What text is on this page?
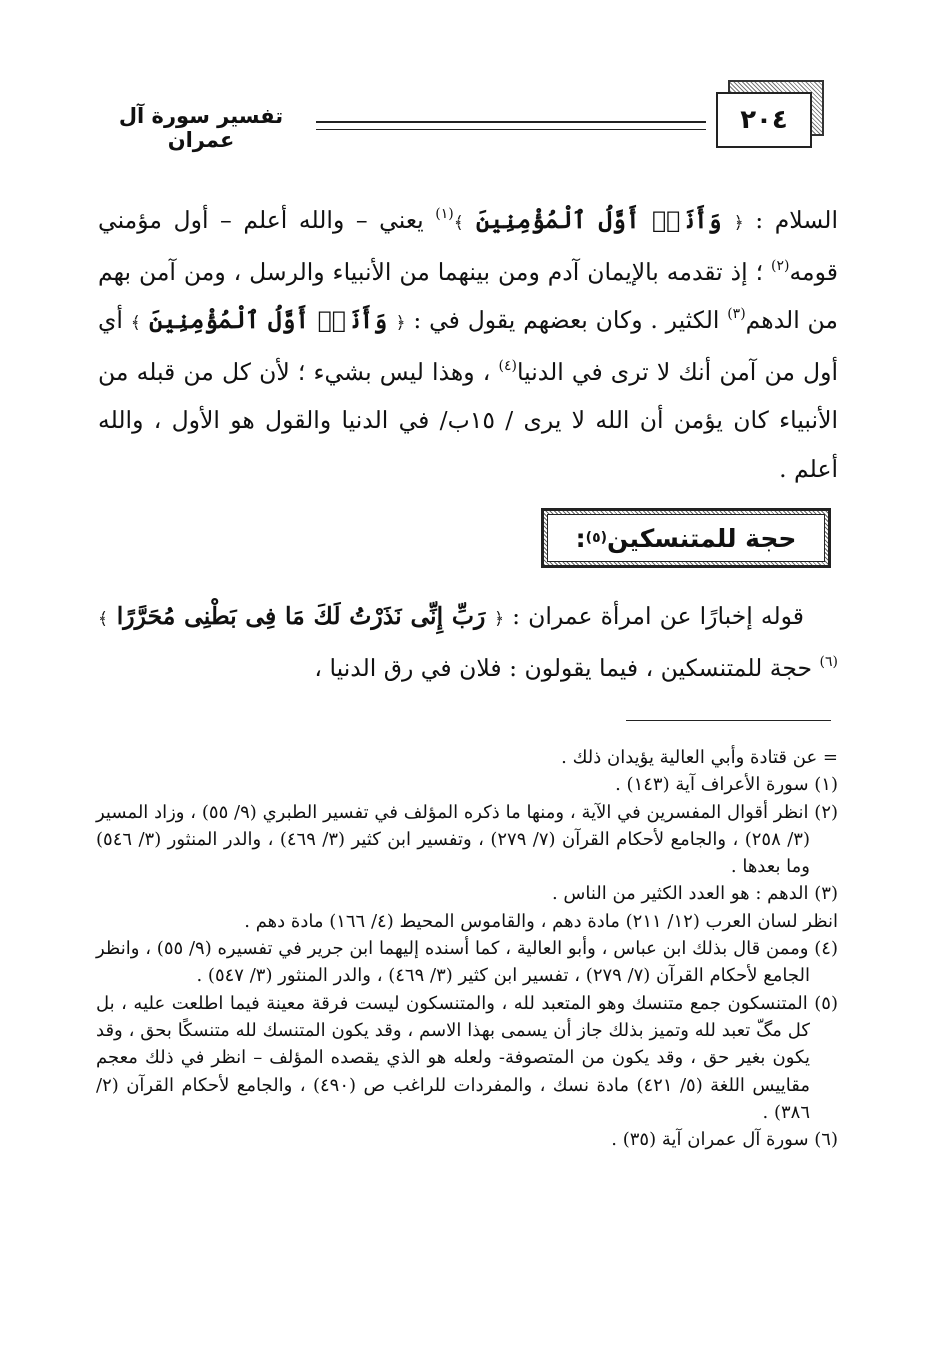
٢٠٤
تفسير سورة آل عمران
السلام : ﴿ وَأَنَا۠ أَوَّلُ ٱلْمُؤْمِنِينَ ﴾$^{(١)}$ يعني – والله أعلم – أول مؤمني قومه$^{(٢)}$ ؛ إذ تقدمه بالإيمان آدم ومن بينهما من الأنبياء والرسل ، ومن آمن بهم من الدهم$^{(٣)}$ الكثير . وكان بعضهم يقول في : ﴿ وَأَنَا۠ أَوَّلُ ٱلْمُؤْمِنِينَ ﴾ أي أول من آمن أنك لا ترى في الدنيا$^{(٤)}$ ، وهذا ليس بشيء ؛ لأن كل من قبله من الأنبياء كان يؤمن أن الله لا يرى / ١٥ب/ في الدنيا والقول هو الأول ، والله أعلم .
حجة للمتنسكين
(٥)
:
قوله إخبارًا عن امرأة عمران : ﴿ رَبِّ إِنِّى نَذَرْتُ لَكَ مَا فِى بَطْنِى مُحَرَّرًا ﴾$^{(٦)}$ حجة للمتنسكين ، فيما يقولون : فلان في رق الدنيا ،
= عن قتادة وأبي العالية يؤيدان ذلك .
(١) سورة الأعراف آية (١٤٣) .
(٢) انظر أقوال المفسرين في الآية ، ومنها ما ذكره المؤلف في تفسير الطبري (٩/ ٥٥) ، وزاد المسير (٣/ ٢٥٨) ، والجامع لأحكام القرآن (٧/ ٢٧٩) ، وتفسير ابن كثير (٣/ ٤٦٩) ، والدر المنثور (٣/ ٥٤٦) وما بعدها .
(٣) الدهم : هو العدد الكثير من الناس .
انظر لسان العرب (١٢/ ٢١١) مادة دهم ، والقاموس المحيط (٤/ ١٦٦) مادة دهم .
(٤) وممن قال بذلك ابن عباس ، وأبو العالية ، كما أسنده إليهما ابن جرير في تفسيره (٩/ ٥٥) ، وانظر الجامع لأحكام القرآن (٧/ ٢٧٩) ، تفسير ابن كثير (٣/ ٤٦٩) ، والدر المنثور (٣/ ٥٤٧) .
(٥) المتنسكون جمع متنسك وهو المتعبد لله ، والمتنسكون ليست فرقة معينة فيما اطلعت عليه ، بل كل مگّ تعبد لله وتميز بذلك جاز أن يسمى بهذا الاسم ، وقد يكون المتنسك لله متنسكًا بحق ، وقد يكون بغير حق ، وقد يكون من المتصوفة- ولعله هو الذي يقصده المؤلف – انظر في ذلك معجم مقاييس اللغة (٥/ ٤٢١) مادة نسك ، والمفردات للراغب ص (٤٩٠) ، والجامع لأحكام القرآن (٢/ ٣٨٦) .
(٦) سورة آل عمران آية (٣٥) .
